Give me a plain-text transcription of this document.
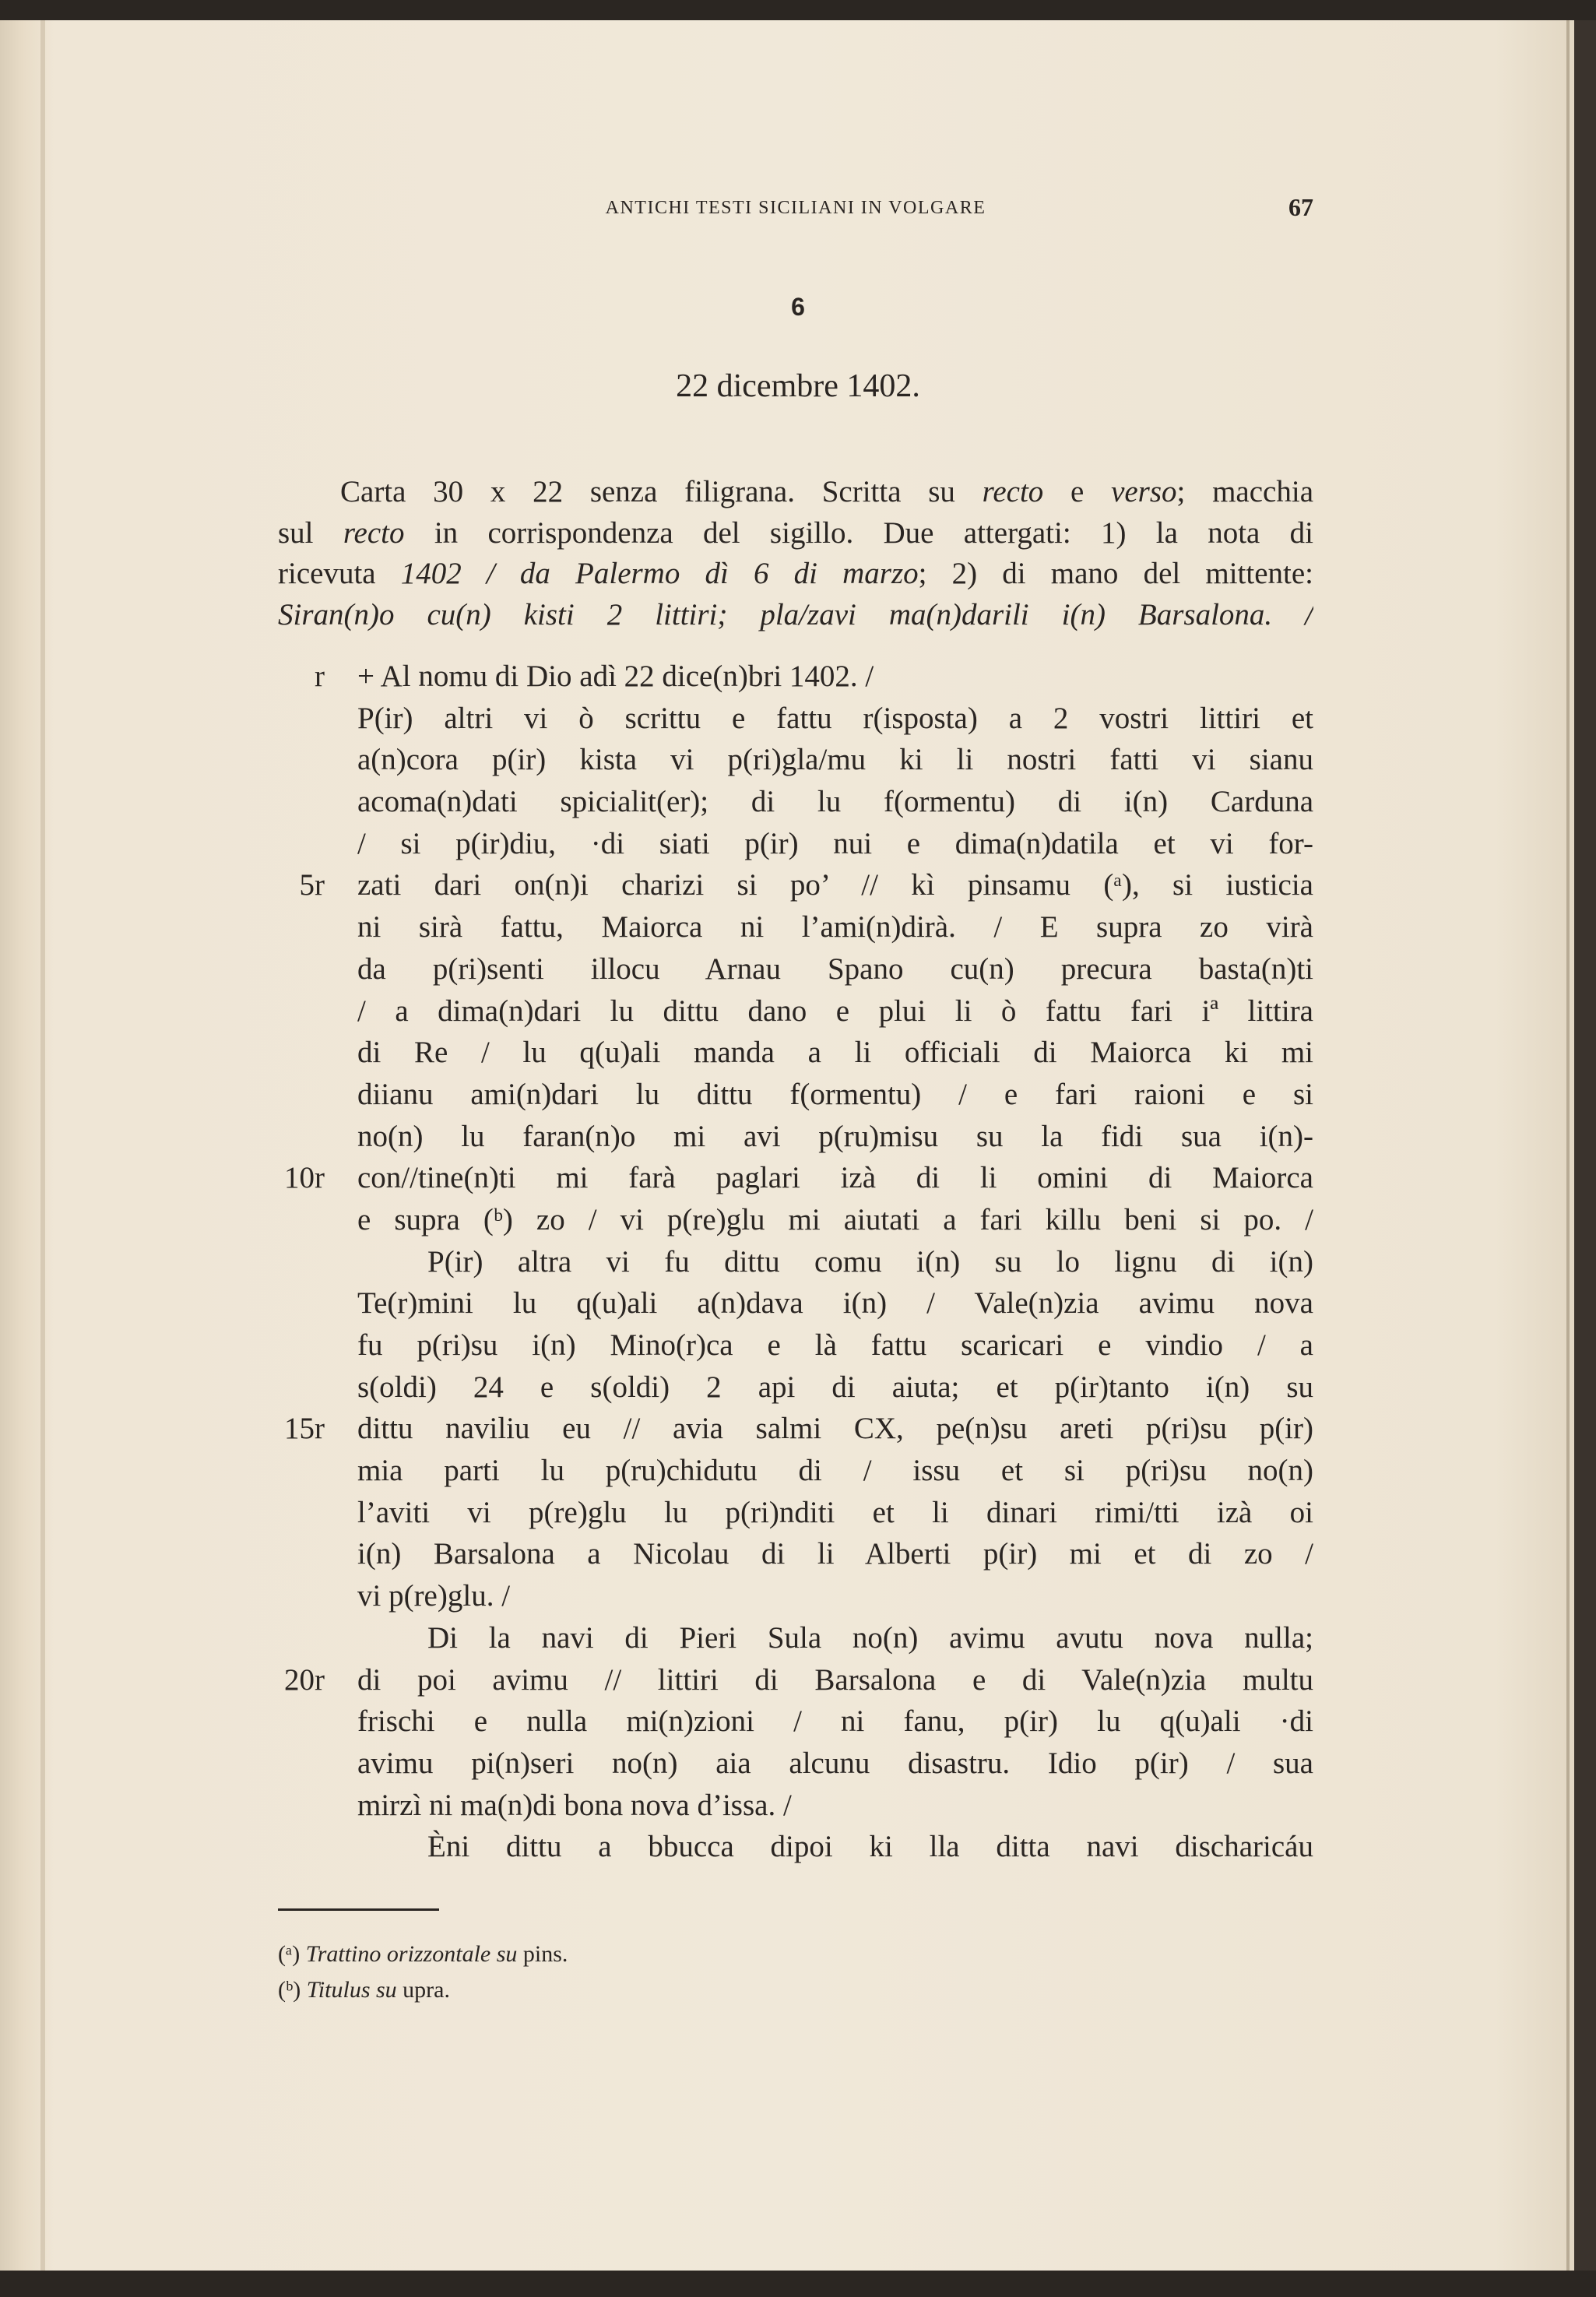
ANTICHI TESTI SICILIANI IN VOLGARE	67
6
22 dicembre 1402.
Carta 30 x 22 senza filigrana. Scritta su recto e verso; macchia
sul recto in corrispondenza del sigillo. Due attergati: 1) la nota di
ricevuta 1402 / da Palermo dì 6 di marzo; 2) di mano del mittente:
Siran(n)o cu(n) kisti 2 littiri; pla/zavi ma(n)darili i(n) Barsalona. /
r + Al nomu di Dio adì 22 dice(n)bri 1402. /
P(ir) altri vi ò scrittu e fattu r(isposta) a 2 vostri littiri et
a(n)cora p(ir) kista vi p(ri)gla/mu ki li nostri fatti vi sianu
acoma(n)dati spicialit(er); di lu f(ormentu) di i(n) Carduna
/ si p(ir)diu, ·di siati p(ir) nui e dima(n)datila et vi for-
5r zati dari on(n)i charizi si po’ // kì pinsamu (ᵃ), si iusticia
ni sirà fattu, Maiorca ni l’ami(n)dirà. / E supra zo virà
da p(ri)senti illocu Arnau Spano cu(n) precura basta(n)ti
/ a dima(n)dari lu dittu dano e plui li ò fattu fari iª littira
di Re / lu q(u)ali manda a li officiali di Maiorca ki mi
diianu ami(n)dari lu dittu f(ormentu) / e fari raioni e si
no(n) lu faran(n)o mi avi p(ru)misu su la fidi sua i(n)-
10r con//tine(n)ti mi farà paglari izà di li omini di Maiorca
e supra (ᵇ) zo / vi p(re)glu mi aiutati a fari killu beni si po. /
P(ir) altra vi fu dittu comu i(n) su lo lignu di i(n)
Te(r)mini lu q(u)ali a(n)dava i(n) / Vale(n)zia avimu nova
fu p(ri)su i(n) Mino(r)ca e là fattu scaricari e vindio / a
s(oldi) 24 e s(oldi) 2 api di aiuta; et p(ir)tanto i(n) su
15r dittu naviliu eu // avia salmi CX, pe(n)su areti p(ri)su p(ir)
mia parti lu p(ru)chidutu di / issu et si p(ri)su no(n)
l’aviti vi p(re)glu lu p(ri)nditi et li dinari rimi/tti izà oi
i(n) Barsalona a Nicolau di li Alberti p(ir) mi et di zo /
vi p(re)glu. /
Di la navi di Pieri Sula no(n) avimu avutu nova nulla;
20r di poi avimu // littiri di Barsalona e di Vale(n)zia multu
frischi e nulla mi(n)zioni / ni fanu, p(ir) lu q(u)ali ·di
avimu pi(n)seri no(n) aia alcunu disastru. Idio p(ir) / sua
mirzì ni ma(n)di bona nova d’issa. /
Èni dittu a bbucca dipoi ki lla ditta navi discharicáu
(ᵃ) Trattino orizzontale su pins.
(ᵇ) Titulus su upra.
